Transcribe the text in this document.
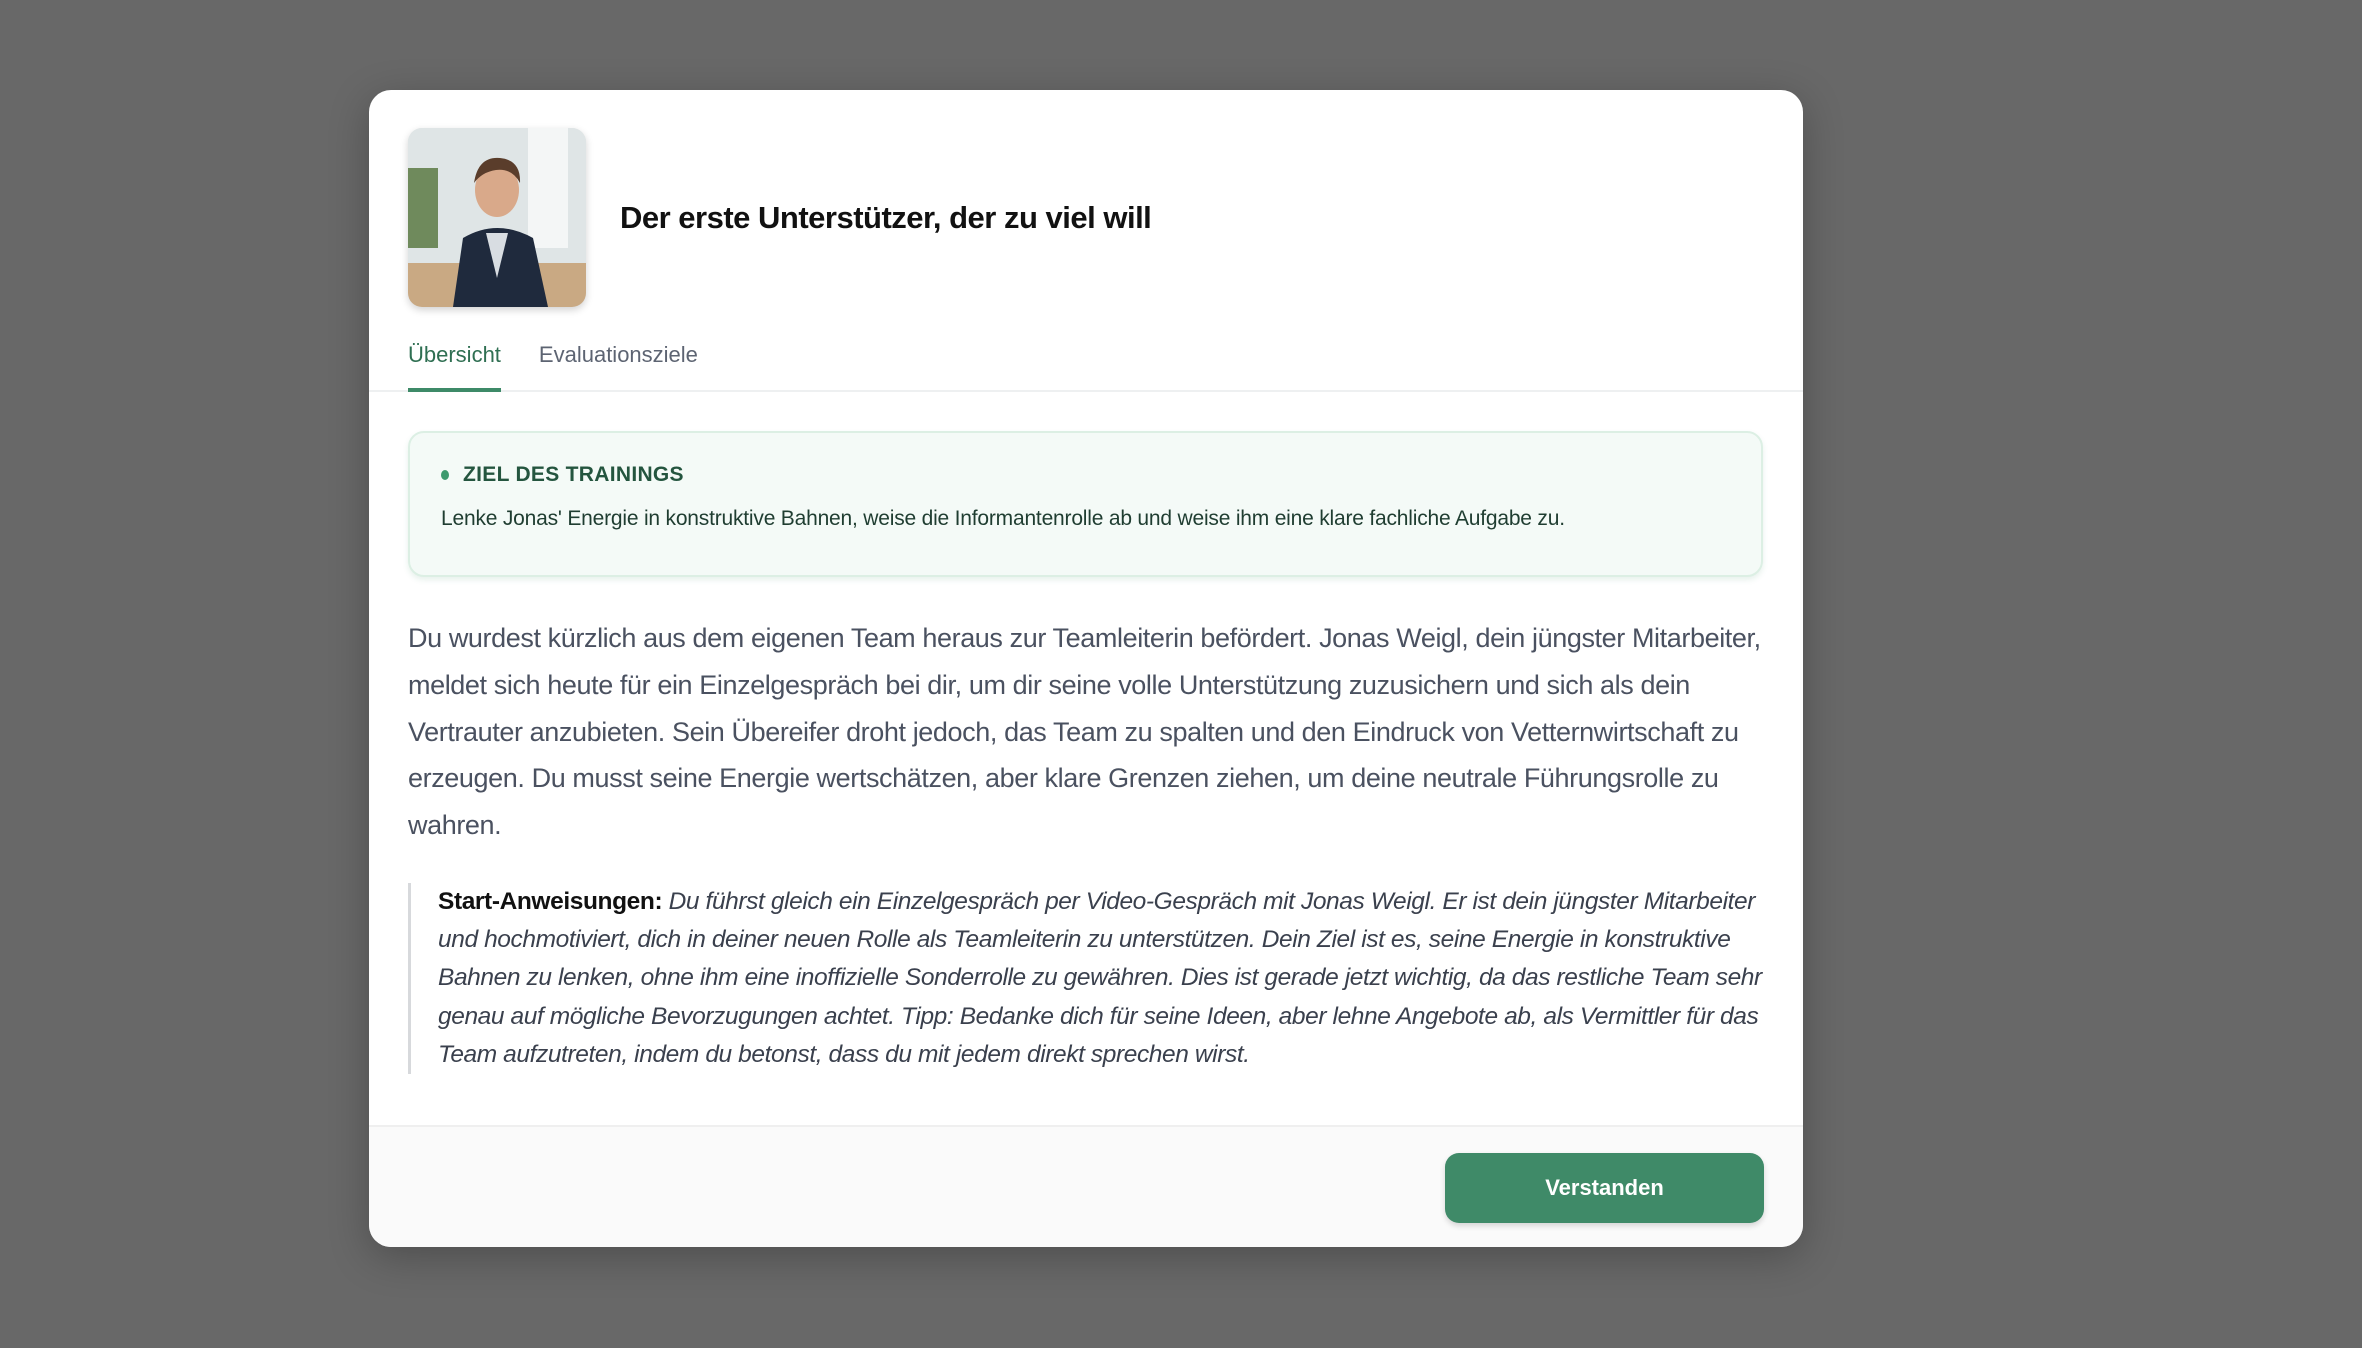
Der erste Unterstützer, der zu viel will
Übersicht Evaluationsziele
ZIEL DES TRAININGS

Lenke Jonas' Energie in konstruktive Bahnen, weise die Informantenrolle ab und weise ihm eine klare fachliche Aufgabe zu.

Du wurdest kürzlich aus dem eigenen Team heraus zur Teamleiterin befördert. Jonas Weigl, dein jüngster Mitarbeiter, meldet sich heute für ein Einzelgespräch bei dir, um dir seine volle Unterstützung zuzusichern und sich als dein Vertrauter anzubieten. Sein Übereifer droht jedoch, das Team zu spalten und den Eindruck von Vetternwirtschaft zu erzeugen. Du musst seine Energie wertschätzen, aber klare Grenzen ziehen, um deine neutrale Führungsrolle zu wahren.

Start-Anweisungen: Du führst gleich ein Einzelgespräch per Video-Gespräch mit Jonas Weigl. Er ist dein jüngster Mitarbeiter und hochmotiviert, dich in deiner neuen Rolle als Teamleiterin zu unterstützen. Dein Ziel ist es, seine Energie in konstruktive Bahnen zu lenken, ohne ihm eine inoffizielle Sonderrolle zu gewähren. Dies ist gerade jetzt wichtig, da das restliche Team sehr genau auf mögliche Bevorzugungen achtet. Tipp: Bedanke dich für seine Ideen, aber lehne Angebote ab, als Vermittler für das Team aufzutreten, indem du betonst, dass du mit jedem direkt sprechen wirst.
Verstanden
